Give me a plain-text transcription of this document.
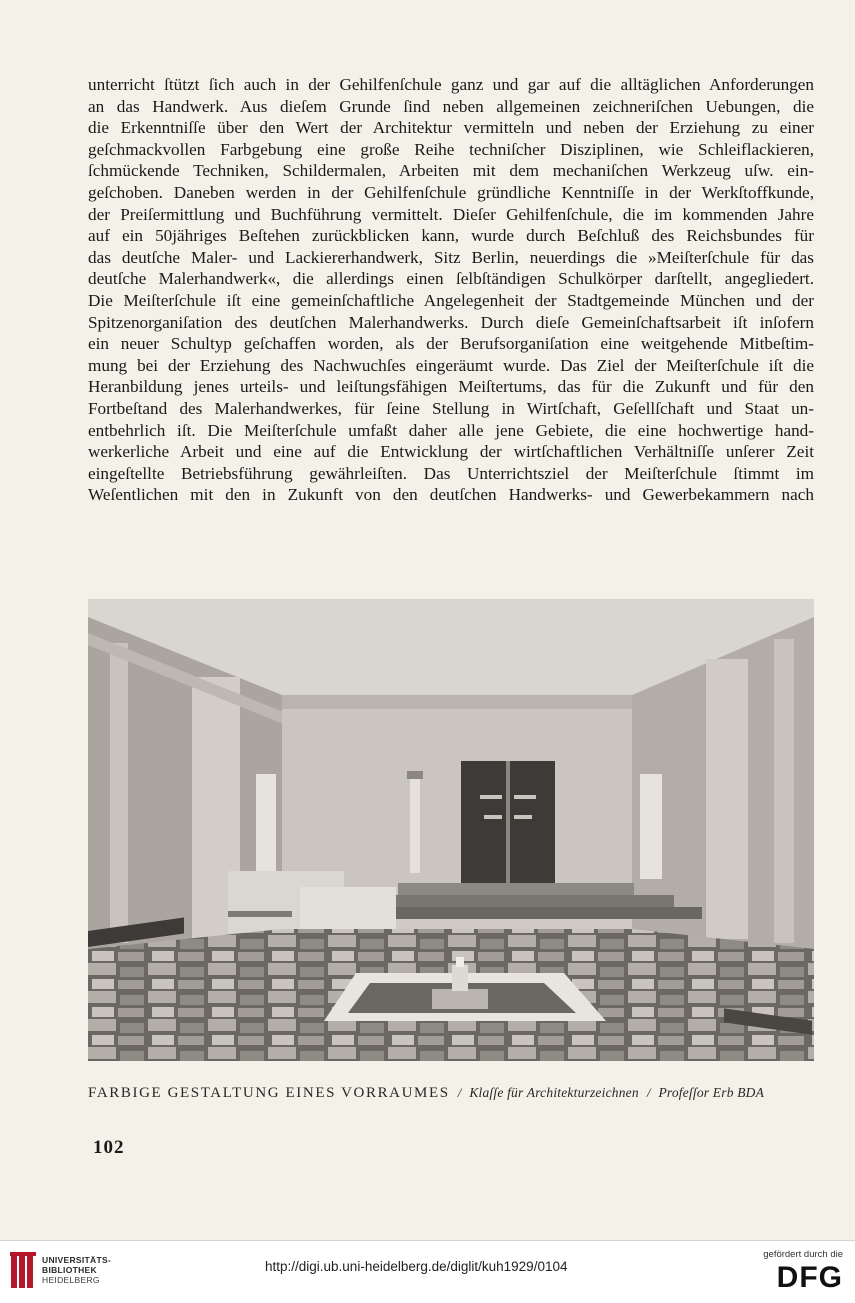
unterricht ſtützt ſich auch in der Gehilfenſchule ganz und gar auf die alltäglichen Anforderungen
an das Handwerk. Aus dieſem Grunde ſind neben allgemeinen zeichneriſchen Uebungen, die
die Erkenntniſſe über den Wert der Architektur vermitteln und neben der Erziehung zu einer
geſchmackvollen Farbgebung eine große Reihe techniſcher Disziplinen, wie Schleiflackieren,
ſchmückende Techniken, Schildermalen, Arbeiten mit dem mechaniſchen Werkzeug uſw. ein-
geſchoben. Daneben werden in der Gehilfenſchule gründliche Kenntniſſe in der Werkſtoffkunde,
der Preiſermittlung und Buchführung vermittelt. Dieſer Gehilfenſchule, die im kommenden Jahre
auf ein 50jähriges Beſtehen zurückblicken kann, wurde durch Beſchluß des Reichsbundes für
das deutſche Maler- und Lackiererhandwerk, Sitz Berlin, neuerdings die »Meiſterſchule für das
deutſche Malerhandwerk«, die allerdings einen ſelbſtändigen Schulkörper darſtellt, angegliedert.
Die Meiſterſchule iſt eine gemeinſchaftliche Angelegenheit der Stadtgemeinde München und der
Spitzenorganiſation des deutſchen Malerhandwerks. Durch dieſe Gemeinſchaftsarbeit iſt inſofern
ein neuer Schultyp geſchaffen worden, als der Berufsorganiſation eine weitgehende Mitbeſtim-
mung bei der Erziehung des Nachwuchſes eingeräumt wurde. Das Ziel der Meiſterſchule iſt die
Heranbildung jenes urteils- und leiſtungsfähigen Meiſtertums, das für die Zukunft und für den
Fortbeſtand des Malerhandwerkes, für ſeine Stellung in Wirtſchaft, Geſellſchaft und Staat un-
entbehrlich iſt. Die Meiſterſchule umfaßt daher alle jene Gebiete, die eine hochwertige hand-
werkerliche Arbeit und eine auf die Entwicklung der wirtſchaftlichen Verhältniſſe unſerer Zeit
eingeſtellte Betriebsführung gewährleiſten. Das Unterrichtsziel der Meiſterſchule ſtimmt im
Weſentlichen mit den in Zukunft von den deutſchen Handwerks- und Gewerbekammern nach
FARBIGE GESTALTUNG EINES VORRAUMES / Klaſſe für Architekturzeichnen / Profeſſor Erb BDA
102
UNIVERSITÄTS-
BIBLIOTHEK
HEIDELBERG
http://digi.ub.uni-heidelberg.de/diglit/kuh1929/0104
gefördert durch die
DFG
